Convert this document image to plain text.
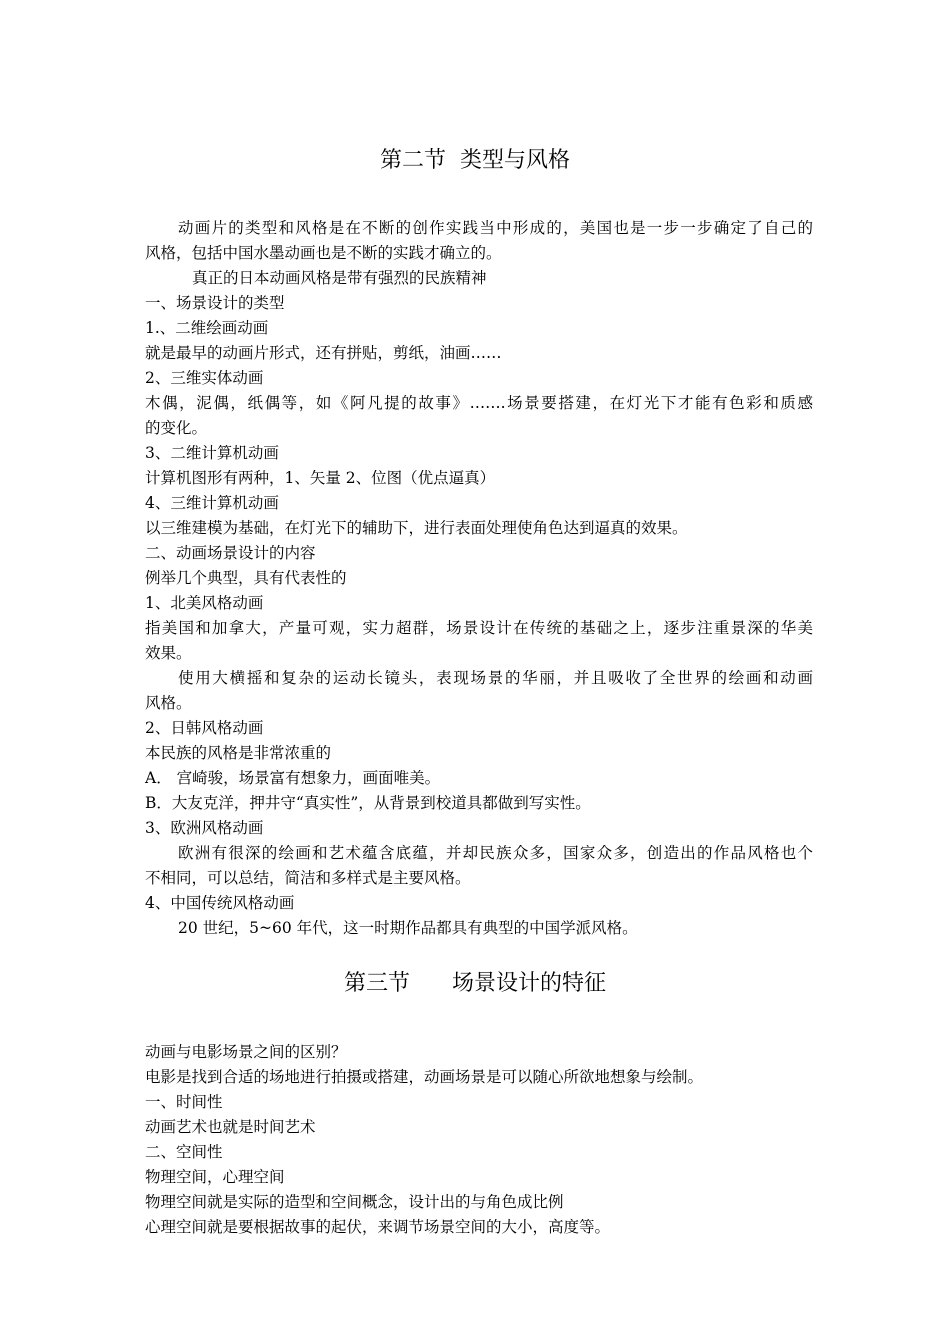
第二节  类型与风格
动画片的类型和风格是在不断的创作实践当中形成的，美国也是一步一步确定了自己的
风格，包括中国水墨动画也是不断的实践才确立的。
真正的日本动画风格是带有强烈的民族精神
一、场景设计的类型
1.、二维绘画动画
就是最早的动画片形式，还有拼贴，剪纸，油画……
2、三维实体动画
木偶，泥偶，纸偶等，如《阿凡提的故事》…….场景要搭建，在灯光下才能有色彩和质感
的变化。
3、二维计算机动画
计算机图形有两种，1、矢量 2、位图（优点逼真）
4、三维计算机动画
以三维建模为基础，在灯光下的辅助下，进行表面处理使角色达到逼真的效果。
二、动画场景设计的内容
例举几个典型，具有代表性的
1、北美风格动画
指美国和加拿大，产量可观，实力超群，场景设计在传统的基础之上，逐步注重景深的华美
效果。
使用大横摇和复杂的运动长镜头，表现场景的华丽，并且吸收了全世界的绘画和动画
风格。
2、日韩风格动画
本民族的风格是非常浓重的
A． 宫崎骏，场景富有想象力，画面唯美。
B．大友克洋，押井守“真实性”，从背景到校道具都做到写实性。
3、欧洲风格动画
欧洲有很深的绘画和艺术蕴含底蕴，并却民族众多，国家众多，创造出的作品风格也个
不相同，可以总结，简洁和多样式是主要风格。
4、中国传统风格动画
20 世纪，5~60 年代，这一时期作品都具有典型的中国学派风格。
第三节      场景设计的特征
动画与电影场景之间的区别？
电影是找到合适的场地进行拍摄或搭建，动画场景是可以随心所欲地想象与绘制。
一、时间性
动画艺术也就是时间艺术
二、空间性
物理空间，心理空间
物理空间就是实际的造型和空间概念，设计出的与角色成比例
心理空间就是要根据故事的起伏，来调节场景空间的大小，高度等。
